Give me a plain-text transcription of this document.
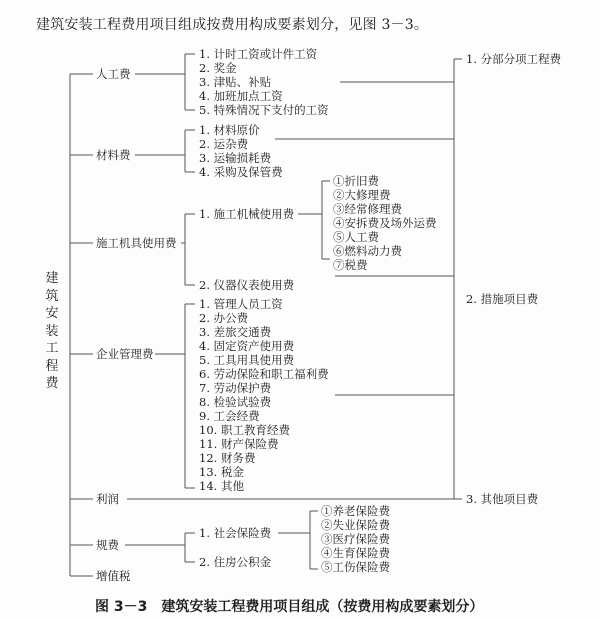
建筑安装工程费用项目组成按费用构成要素划分，见图 3－3。
建
筑
安
装
工
程
费
人工费
材料费
施工机具使用费
企业管理费
利润
规费
增值税
1. 计时工资或计件工资
2. 奖金
3. 津贴、补贴
4. 加班加点工资
5. 特殊情况下支付的工资
1. 材料原价
2. 运杂费
3. 运输损耗费
4. 采购及保管费
1. 施工机械使用费
2. 仪器仪表使用费
①折旧费
②大修理费
③经常修理费
④安拆费及场外运费
⑤人工费
⑥燃料动力费
⑦税费
1. 管理人员工资
2. 办公费
3. 差旅交通费
4. 固定资产使用费
5. 工具用具使用费
6. 劳动保险和职工福利费
7. 劳动保护费
8. 检验试验费
9. 工会经费
10. 职工教育经费
11. 财产保险费
12. 财务费
13. 税金
14. 其他
1. 社会保险费
2. 住房公积金
①养老保险费
②失业保险费
③医疗保险费
④生育保险费
⑤工伤保险费
1. 分部分项工程费
2. 措施项目费
3. 其他项目费
图 3－3　建筑安装工程费用项目组成（按费用构成要素划分）
